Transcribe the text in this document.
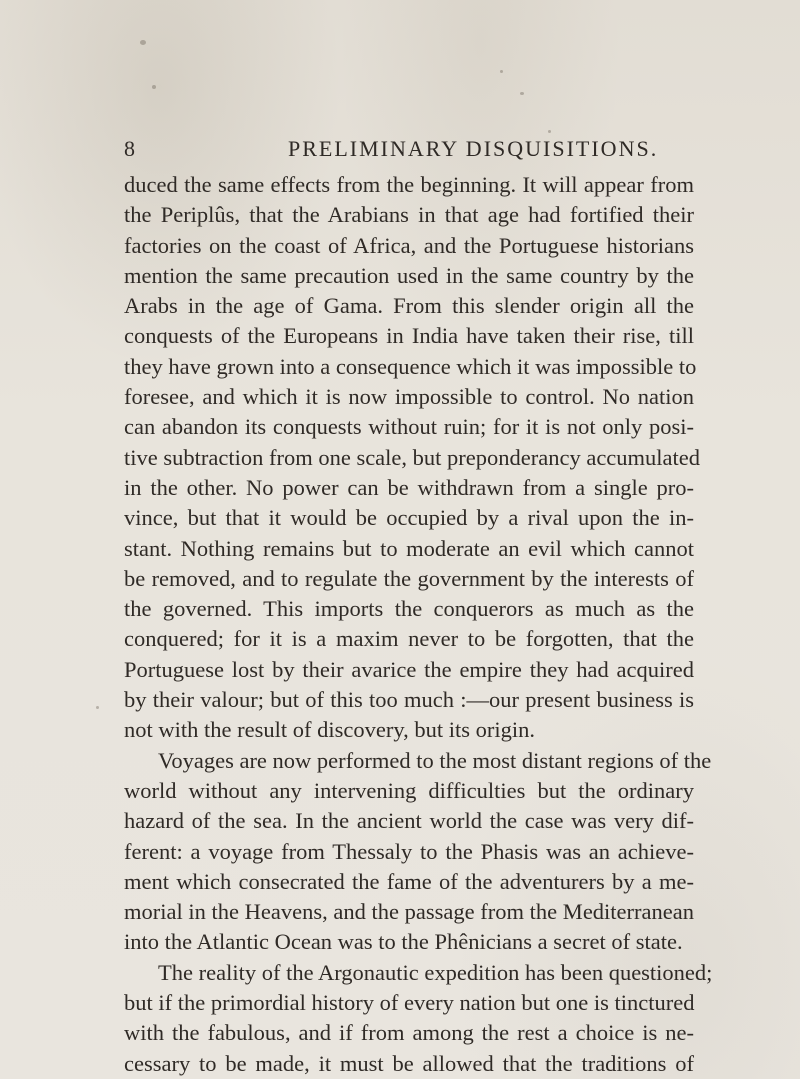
8	PRELIMINARY DISQUISITIONS.
duced the same effects from the beginning. It will appear from
the Periplûs, that the Arabians in that age had fortified their
factories on the coast of Africa, and the Portuguese historians
mention the same precaution used in the same country by the
Arabs in the age of Gama. From this slender origin all the
conquests of the Europeans in India have taken their rise, till
they have grown into a consequence which it was impossible to
foresee, and which it is now impossible to control. No nation
can abandon its conquests without ruin; for it is not only posi-
tive subtraction from one scale, but preponderancy accumulated
in the other. No power can be withdrawn from a single pro-
vince, but that it would be occupied by a rival upon the in-
stant. Nothing remains but to moderate an evil which cannot
be removed, and to regulate the government by the interests of
the governed. This imports the conquerors as much as the
conquered; for it is a maxim never to be forgotten, that the
Portuguese lost by their avarice the empire they had acquired
by their valour; but of this too much :—our present business is
not with the result of discovery, but its origin.
Voyages are now performed to the most distant regions of the
world without any intervening difficulties but the ordinary
hazard of the sea. In the ancient world the case was very dif-
ferent: a voyage from Thessaly to the Phasis was an achieve-
ment which consecrated the fame of the adventurers by a me-
morial in the Heavens, and the passage from the Mediterranean
into the Atlantic Ocean was to the Phênicians a secret of state.
The reality of the Argonautic expedition has been questioned;
but if the primordial history of every nation but one is tinctured
with the fabulous, and if from among the rest a choice is ne-
cessary to be made, it must be allowed that the traditions of
